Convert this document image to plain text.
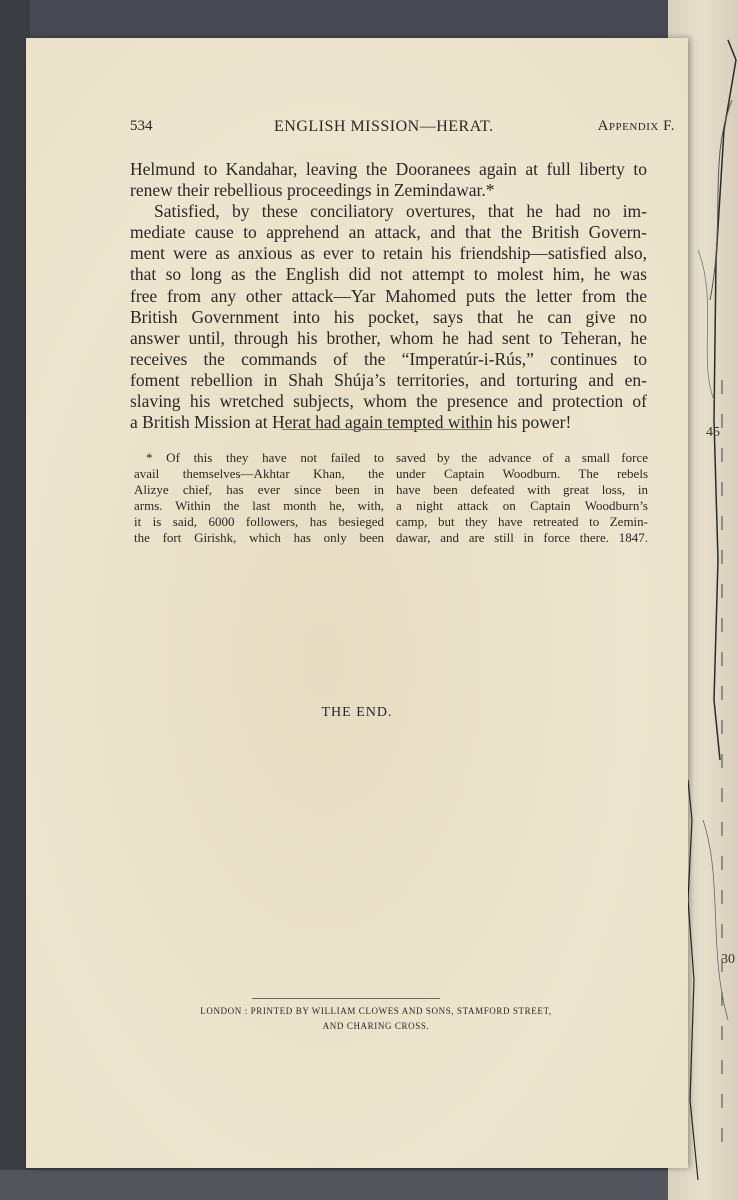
45
30
534	ENGLISH MISSION—HERAT.	Appendix F.
Helmund to Kandahar, leaving the Dooranees again at full liberty to
renew their rebellious proceedings in Zemindawar.*
Satisfied, by these conciliatory overtures, that he had no im-
mediate cause to apprehend an attack, and that the British Govern-
ment were as anxious as ever to retain his friendship—satisfied also,
that so long as the English did not attempt to molest him, he was
free from any other attack—Yar Mahomed puts the letter from the
British Government into his pocket, says that he can give no
answer until, through his brother, whom he had sent to Teheran, he
receives the commands of the “Imperatúr-i-Rús,” continues to
foment rebellion in Shah Shúja’s territories, and torturing and en-
slaving his wretched subjects, whom the presence and protection of
a British Mission at Herat had again tempted within his power!
* Of this they have not failed to
avail themselves—Akhtar Khan, the
Alizye chief, has ever since been in
arms. Within the last month he, with,
it is said, 6000 followers, has besieged
the fort Girishk, which has only been
saved by the advance of a small force
under Captain Woodburn. The rebels
have been defeated with great loss, in
a night attack on Captain Woodburn’s
camp, but they have retreated to Zemin-
dawar, and are still in force there. 1847.
THE END.
LONDON : PRINTED BY WILLIAM CLOWES AND SONS, STAMFORD STREET,
AND CHARING CROSS.
